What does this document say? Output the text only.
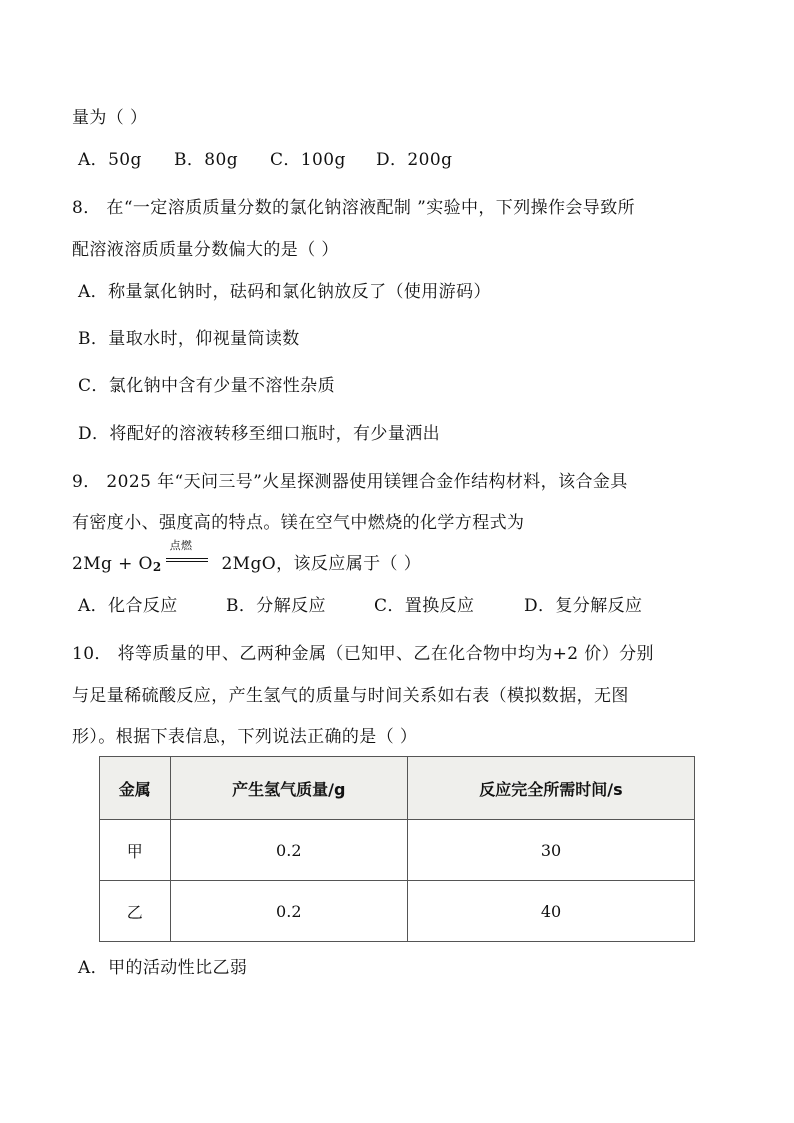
量为（ ）
A．50g B．80g C．100g D．200g
8． 在“一定溶质质量分数的氯化钠溶液配制 ”实验中，下列操作会导致所
配溶液溶质质量分数偏大的是（ ）
A．称量氯化钠时，砝码和氯化钠放反了（使用游码）
B．量取水时，仰视量筒读数
C．氯化钠中含有少量不溶性杂质
D．将配好的溶液转移至细口瓶时，有少量洒出
9． 2025 年“天问三号”火星探测器使用镁锂合金作结构材料，该合金具
有密度小、强度高的特点。镁在空气中燃烧的化学方程式为
2Mg + O2
点燃
2MgO，该反应属于（ ）
A．化合反应	B．分解反应	C．置换反应	D．复分解反应
10． 将等质量的甲、乙两种金属（已知甲、乙在化合物中均为+2 价）分别
与足量稀硫酸反应，产生氢气的质量与时间关系如右表（模拟数据，无图
形）。根据下表信息，下列说法正确的是（ ）
金属	产生氢气质量/g	反应完全所需时间/s
甲	0.2	30
乙	0.2	40
A．甲的活动性比乙弱
